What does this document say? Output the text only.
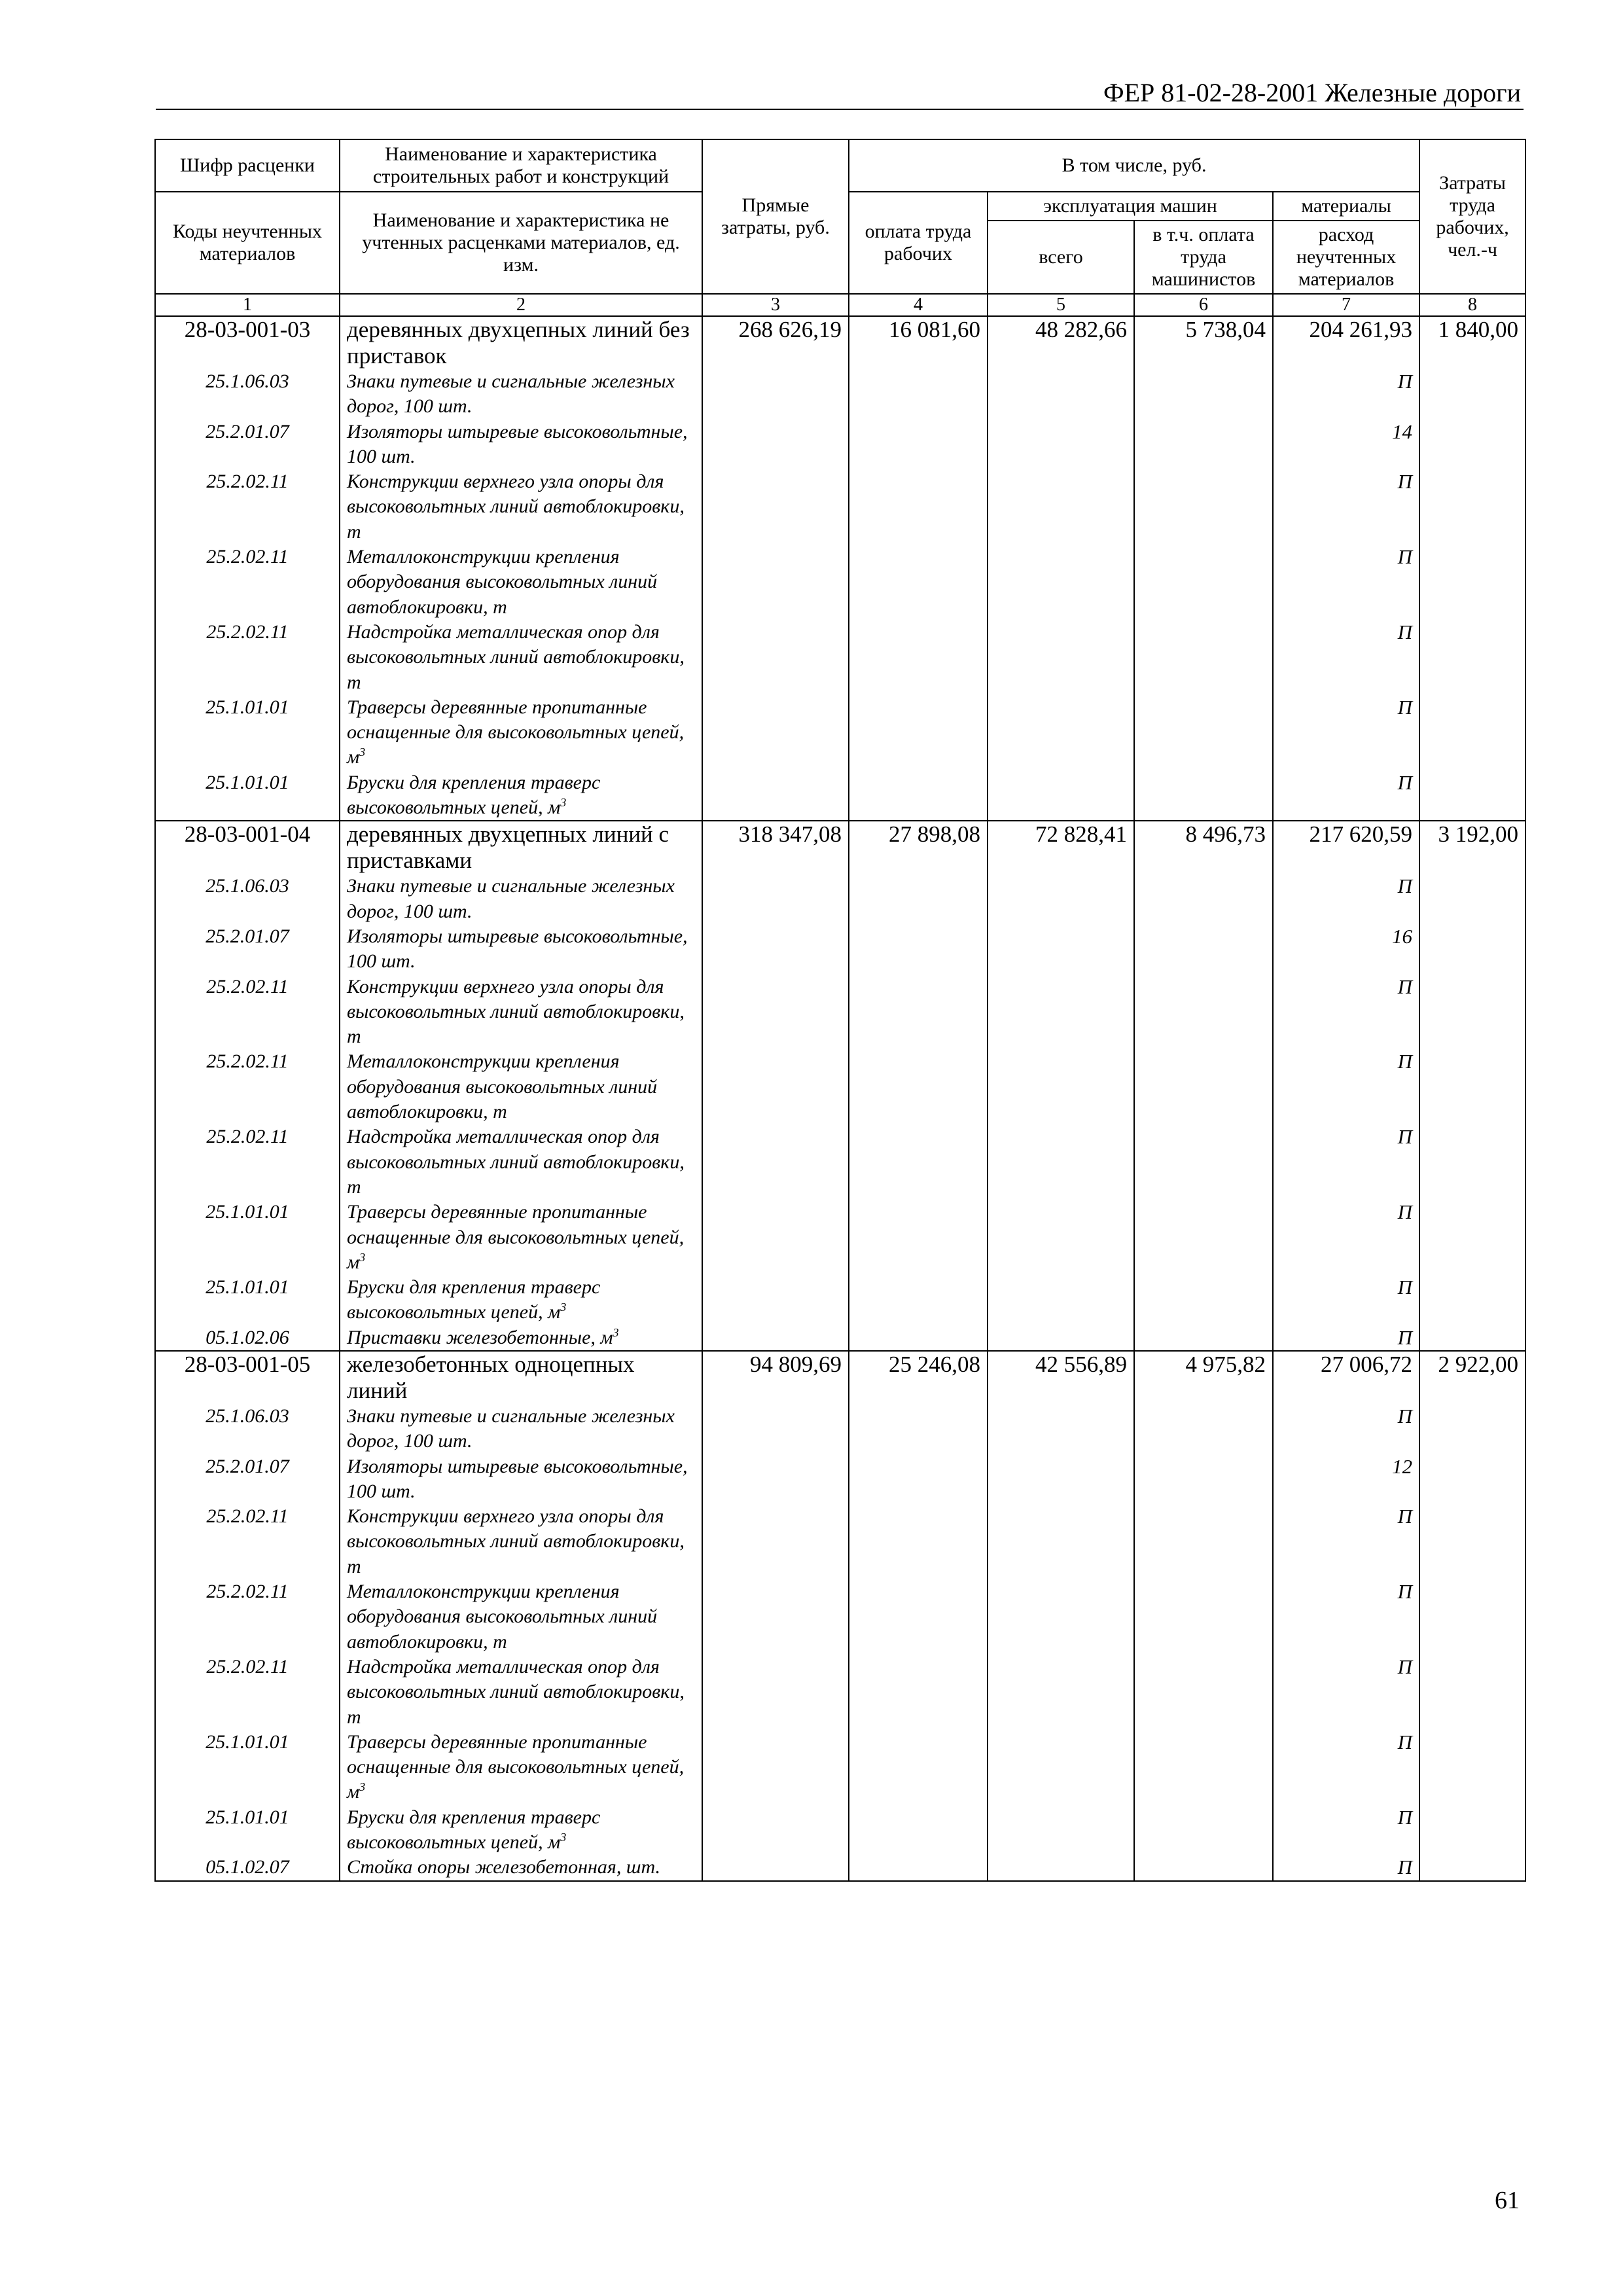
ФЕР 81-02-28-2001 Железные дороги
Шифр расценки	Наименование и характеристика строительных работ и конструкций	Прямые затраты, руб.	В том числе, руб.				Затраты труда рабочих, чел.-ч
Коды неучтенных материалов	Наименование и характеристика не учтенных расценками материалов, ед. изм.		оплата труда рабочих	эксплуатация машин		материалы	
				всего	в т.ч. оплата труда машинистов	расход неучтенных материалов	
1	2	3	4	5	6	7	8
28-03-001-03	деревянных двухцепных линий без приставок	268 626,19	16 081,60	48 282,66	5 738,04	204 261,93	1 840,00
25.1.06.03	Знаки путевые и сигнальные железных дорог, 100 шт.					П	
25.2.01.07	Изоляторы штыревые высоковольтные, 100 шт.					14	
25.2.02.11	Конструкции верхнего узла опоры для высоковольтных линий автоблокировки, т					П	
25.2.02.11	Металлоконструкции крепления оборудования высоковольтных линий автоблокировки, т					П	
25.2.02.11	Надстройка металлическая опор для высоковольтных линий автоблокировки, т					П	
25.1.01.01	Траверсы деревянные пропитанные оснащенные для высоковольтных цепей, $м^3$					П	
25.1.01.01	Бруски для крепления траверс высоковольтных цепей, $м^3$					П	
28-03-001-04	деревянных двухцепных линий с приставками	318 347,08	27 898,08	72 828,41	8 496,73	217 620,59	3 192,00
25.1.06.03	Знаки путевые и сигнальные железных дорог, 100 шт.					П	
25.2.01.07	Изоляторы штыревые высоковольтные, 100 шт.					16	
25.2.02.11	Конструкции верхнего узла опоры для высоковольтных линий автоблокировки, т					П	
25.2.02.11	Металлоконструкции крепления оборудования высоковольтных линий автоблокировки, т					П	
25.2.02.11	Надстройка металлическая опор для высоковольтных линий автоблокировки, т					П	
25.1.01.01	Траверсы деревянные пропитанные оснащенные для высоковольтных цепей, $м^3$					П	
25.1.01.01	Бруски для крепления траверс высоковольтных цепей, $м^3$					П	
05.1.02.06	Приставки железобетонные, $м^3$					П	
28-03-001-05	железобетонных одноцепных линий	94 809,69	25 246,08	42 556,89	4 975,82	27 006,72	2 922,00
25.1.06.03	Знаки путевые и сигнальные железных дорог, 100 шт.					П	
25.2.01.07	Изоляторы штыревые высоковольтные, 100 шт.					12	
25.2.02.11	Конструкции верхнего узла опоры для высоковольтных линий автоблокировки, т					П	
25.2.02.11	Металлоконструкции крепления оборудования высоковольтных линий автоблокировки, т					П	
25.2.02.11	Надстройка металлическая опор для высоковольтных линий автоблокировки, т					П	
25.1.01.01	Траверсы деревянные пропитанные оснащенные для высоковольтных цепей, $м^3$					П	
25.1.01.01	Бруски для крепления траверс высоковольтных цепей, $м^3$					П	
05.1.02.07	Стойка опоры железобетонная, шт.					П	
61
